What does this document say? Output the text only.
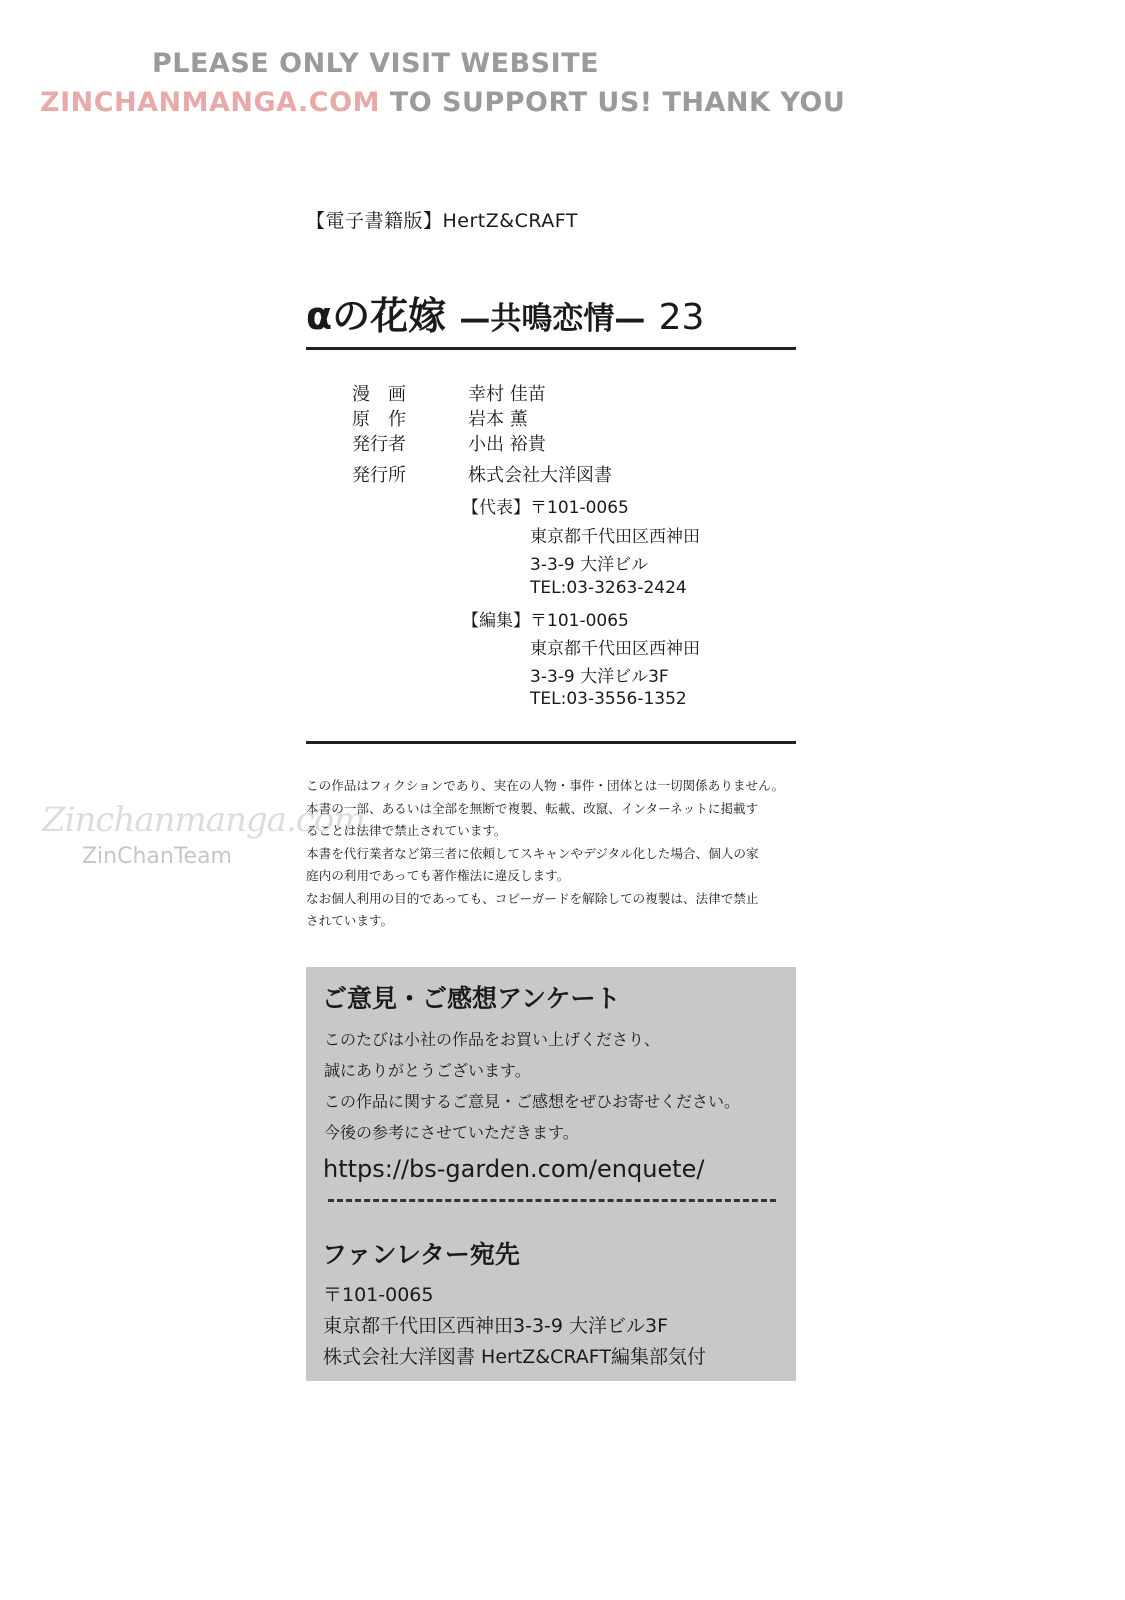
PLEASE ONLY VISIT WEBSITE
ZINCHANMANGA.COM TO SUPPORT US! THANK YOU
Zinchanmanga.com
ZinChanTeam
【電子書籍版】HertZ&CRAFT
αの花嫁 —共鳴恋情— 23
漫画 幸村 佳苗
原作 岩本 薫
発行者	小出 裕貴
発行所	株式会社大洋図書
【代表】 〒101-0065
東京都千代田区西神田
3-3-9 大洋ビル
TEL:03-3263-2424
【編集】 〒101-0065
東京都千代田区西神田
3-3-9 大洋ビル3F
TEL:03-3556-1352

この作品はフィクションであり、実在の人物・事件・団体とは一切関係ありません。

本書の一部、あるいは全部を無断で複製、転載、改竄、インターネットに掲載す

ることは法律で禁止されています。

本書を代行業者など第三者に依頼してスキャンやデジタル化した場合、個人の家

庭内の利用であっても著作権法に違反します。

なお個人利用の目的であっても、コピーガードを解除しての複製は、法律で禁止

されています。

ご意見・ご感想アンケート
このたびは小社の作品をお買い上げくださり、
誠にありがとうございます。
この作品に関するご意見・ご感想をぜひお寄せください。
今後の参考にさせていただきます。
https://bs-garden.com/enquete/
ファンレター宛先
〒101-0065
東京都千代田区西神田3-3-9 大洋ビル3F
株式会社大洋図書 HertZ&CRAFT編集部気付
